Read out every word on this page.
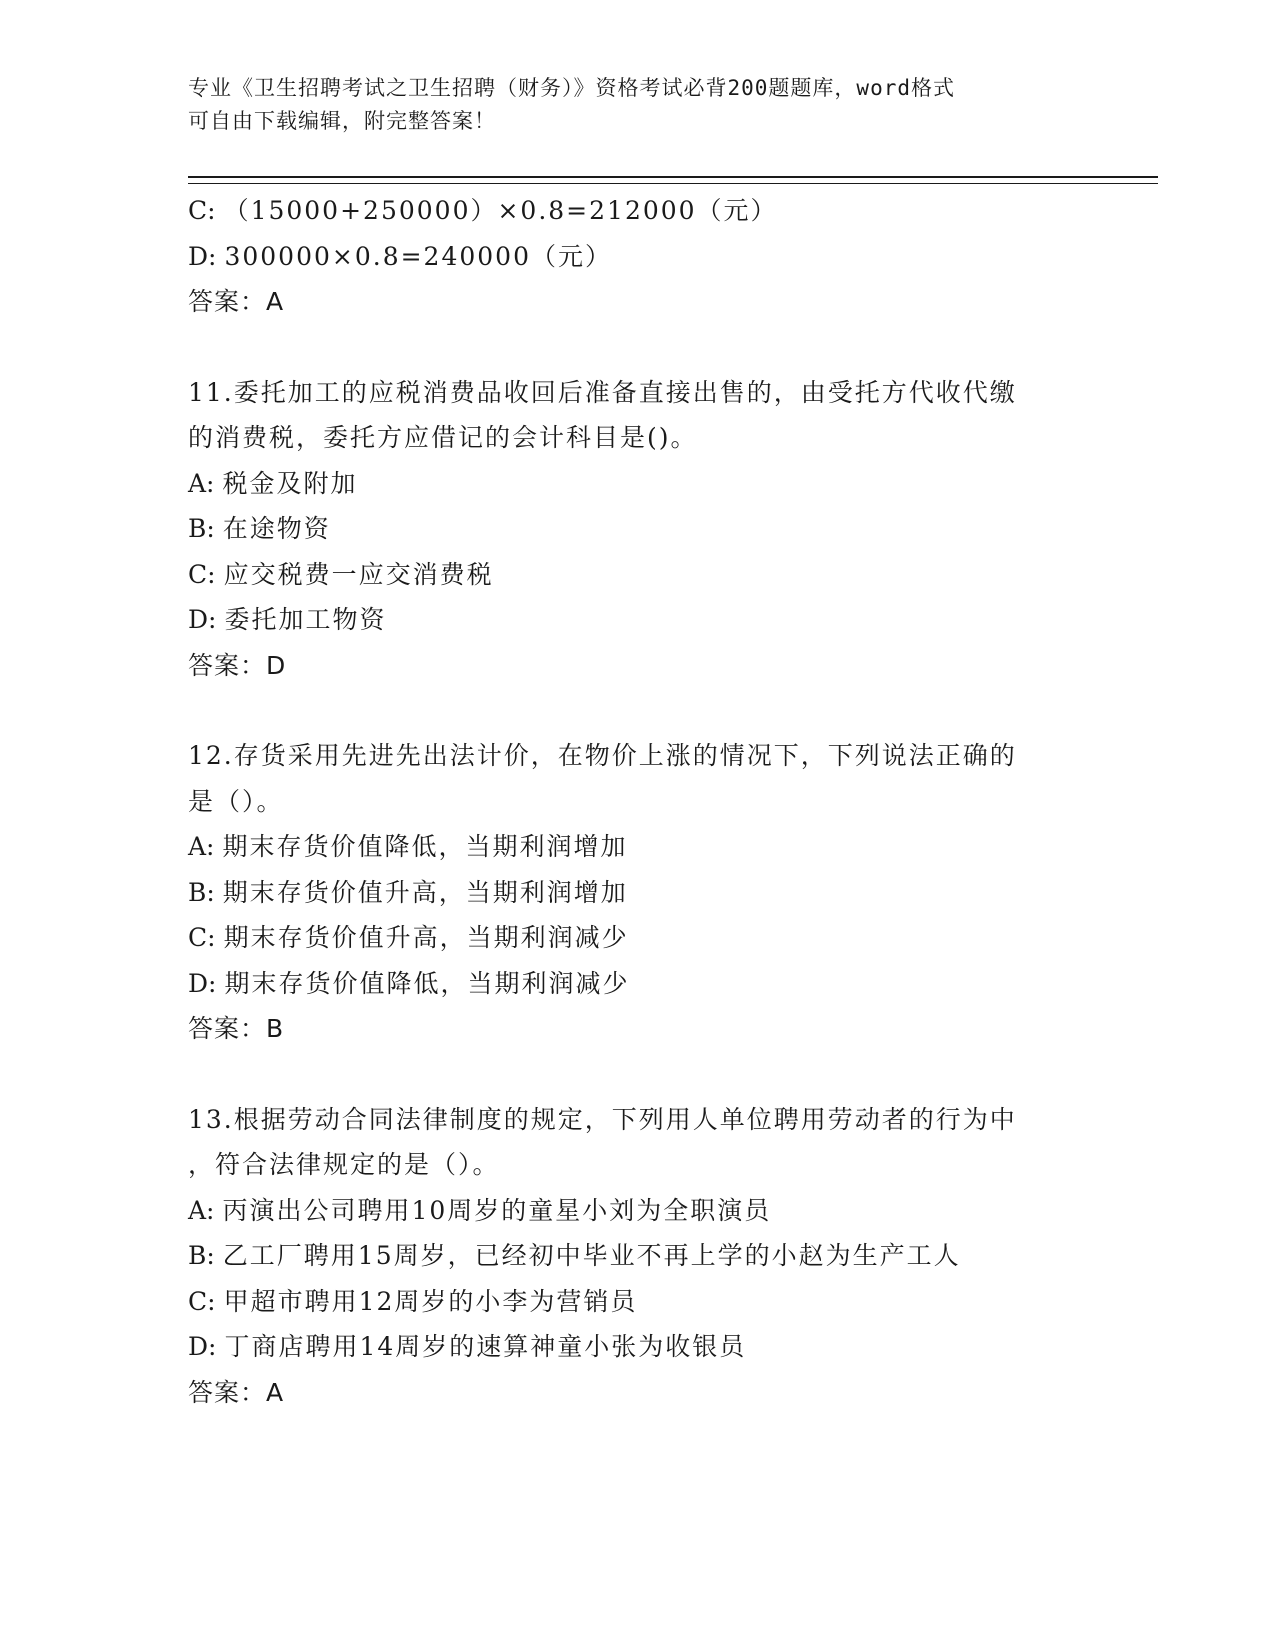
专业《卫生招聘考试之卫生招聘（财务）》资格考试必背200题题库，word格式
可自由下载编辑，附完整答案！
C: （15000+250000）×0.8=212000（元）
D: 300000×0.8=240000（元）
答案：A
11.委托加工的应税消费品收回后准备直接出售的，由受托方代收代缴
的消费税，委托方应借记的会计科目是()。
A: 税金及附加
B: 在途物资
C: 应交税费一应交消费税
D: 委托加工物资
答案：D
12.存货采用先进先出法计价，在物价上涨的情况下，下列说法正确的
是（）。
A: 期末存货价值降低，当期利润增加
B: 期末存货价值升高，当期利润增加
C: 期末存货价值升高，当期利润减少
D: 期末存货价值降低，当期利润减少
答案：B
13.根据劳动合同法律制度的规定，下列用人单位聘用劳动者的行为中
，符合法律规定的是（）。
A: 丙演出公司聘用10周岁的童星小刘为全职演员
B: 乙工厂聘用15周岁，已经初中毕业不再上学的小赵为生产工人
C: 甲超市聘用12周岁的小李为营销员
D: 丁商店聘用14周岁的速算神童小张为收银员
答案：A
